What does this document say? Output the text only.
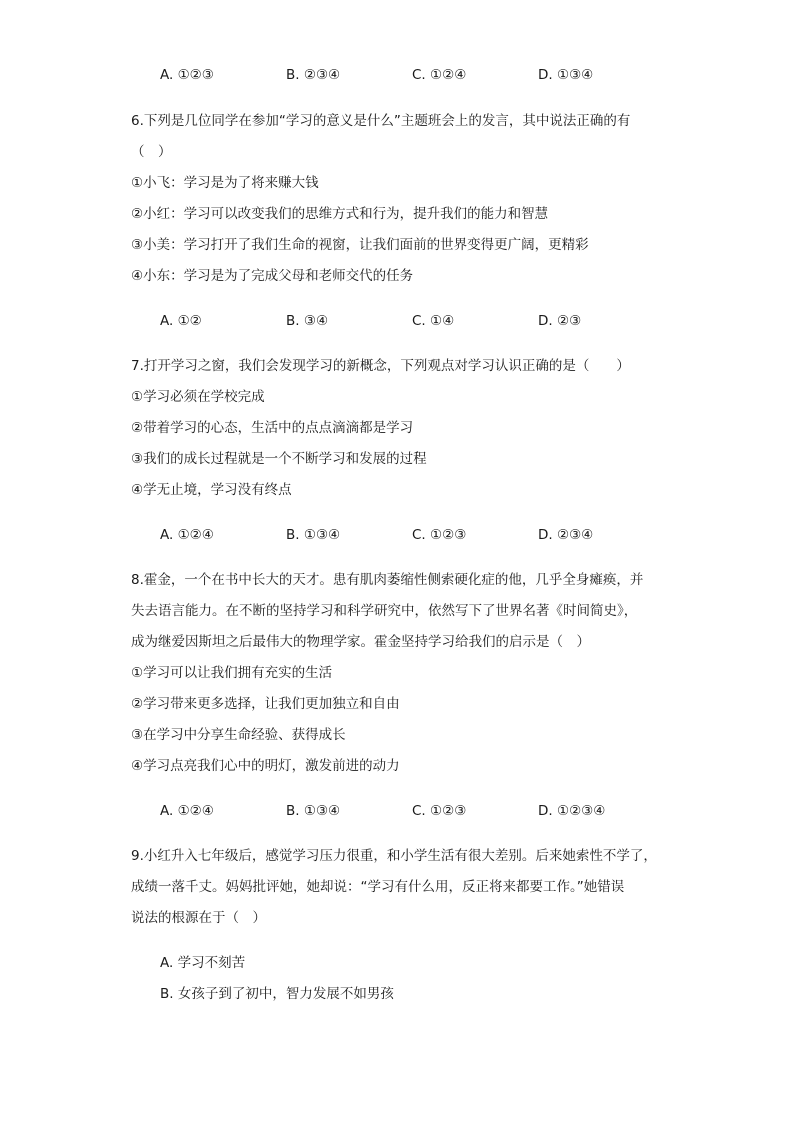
A. ①②③	B. ②③④	C. ①②④	D. ①③④
6.下列是几位同学在参加“学习的意义是什么”主题班会上的发言，其中说法正确的有
（　）
①小飞：学习是为了将来赚大钱
②小红：学习可以改变我们的思维方式和行为，提升我们的能力和智慧
③小美：学习打开了我们生命的视窗，让我们面前的世界变得更广阔，更精彩
④小东：学习是为了完成父母和老师交代的任务
A. ①②	B. ③④	C. ①④	D. ②③
7.打开学习之窗，我们会发现学习的新概念，下列观点对学习认识正确的是（　　）
①学习必须在学校完成
②带着学习的心态，生活中的点点滴滴都是学习
③我们的成长过程就是一个不断学习和发展的过程
④学无止境，学习没有终点
A. ①②④	B. ①③④	C. ①②③	D. ②③④
8.霍金，一个在书中长大的天才。患有肌肉萎缩性侧索硬化症的他，几乎全身瘫痪，并
失去语言能力。在不断的坚持学习和科学研究中，依然写下了世界名著《时间简史》，
成为继爱因斯坦之后最伟大的物理学家。霍金坚持学习给我们的启示是（　）
①学习可以让我们拥有充实的生活
②学习带来更多选择，让我们更加独立和自由
③在学习中分享生命经验、获得成长
④学习点亮我们心中的明灯，激发前进的动力
A. ①②④	B. ①③④	C. ①②③	D. ①②③④
9.小红升入七年级后，感觉学习压力很重，和小学生活有很大差别。后来她索性不学了，
成绩一落千丈。妈妈批评她，她却说：“学习有什么用，反正将来都要工作。”她错误
说法的根源在于（　）
A. 学习不刻苦
B. 女孩子到了初中，智力发展不如男孩
